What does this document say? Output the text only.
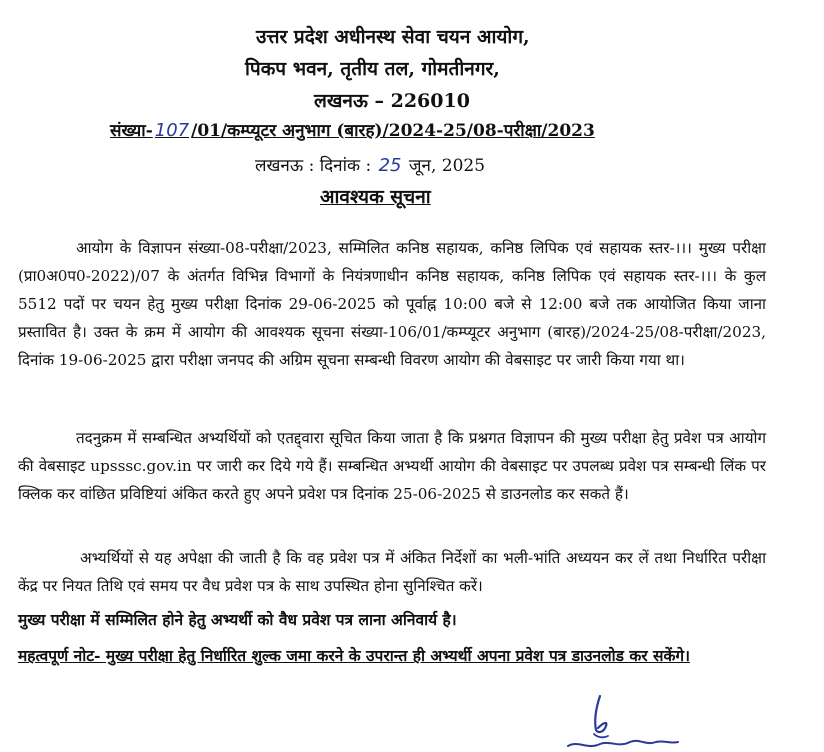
उत्तर प्रदेश अधीनस्थ सेवा चयन आयोग,
पिकप भवन, तृतीय तल, गोमतीनगर,
लखनऊ – 226010
संख्या- 107 /01/कम्प्यूटर अनुभाग (बारह)/2024-25/08-परीक्षा/2023
लखनऊ : दिनांक : 25 जून, 2025
आवश्यक सूचना

आयोग के विज्ञापन संख्या-08-परीक्षा/2023, सम्मिलित कनिष्ठ सहायक, कनिष्ठ लिपिक एवं सहायक स्तर-।।। मुख्य परीक्षा (प्रा0अ0प0-2022)/07 के अंतर्गत विभिन्न विभागों के नियंत्रणाधीन कनिष्ठ सहायक, कनिष्ठ लिपिक एवं सहायक स्तर-।।। के कुल 5512 पदों पर चयन हेतु मुख्य परीक्षा दिनांक 29-06-2025 को पूर्वाह्न 10:00 बजे से 12:00 बजे तक आयोजित किया जाना प्रस्तावित है। उक्त के क्रम में आयोग की आवश्यक सूचना संख्या-106/01/कम्प्यूटर अनुभाग (बारह)/2024-25/08-परीक्षा/2023, दिनांक 19-06-2025 द्वारा परीक्षा जनपद की अग्रिम सूचना सम्बन्धी विवरण आयोग की वेबसाइट पर जारी किया गया था।

तदनुक्रम में सम्बन्धित अभ्यर्थियों को एतद्द्वारा सूचित किया जाता है कि प्रश्नगत विज्ञापन की मुख्य परीक्षा हेतु प्रवेश पत्र आयोग की वेबसाइट upsssc.gov.in पर जारी कर दिये गये हैं। सम्बन्धित अभ्यर्थी आयोग की वेबसाइट पर उपलब्ध प्रवेश पत्र सम्बन्धी लिंक पर क्लिक कर वांछित प्रविष्टियां अंकित करते हुए अपने प्रवेश पत्र दिनांक 25-06-2025 से डाउनलोड कर सकते हैं।

अभ्यर्थियों से यह अपेक्षा की जाती है कि वह प्रवेश पत्र में अंकित निर्देशों का भली-भांति अध्ययन कर लें तथा निर्धारित परीक्षा केंद्र पर नियत तिथि एवं समय पर वैध प्रवेश पत्र के साथ उपस्थित होना सुनिश्चित करें।

मुख्य परीक्षा में सम्मिलित होने हेतु अभ्यर्थी को वैध प्रवेश पत्र लाना अनिवार्य है।

महत्वपूर्ण नोट- मुख्य परीक्षा हेतु निर्धारित शुल्क जमा करने के उपरान्त ही अभ्यर्थी अपना प्रवेश पत्र डाउनलोड कर सकेंगे।
